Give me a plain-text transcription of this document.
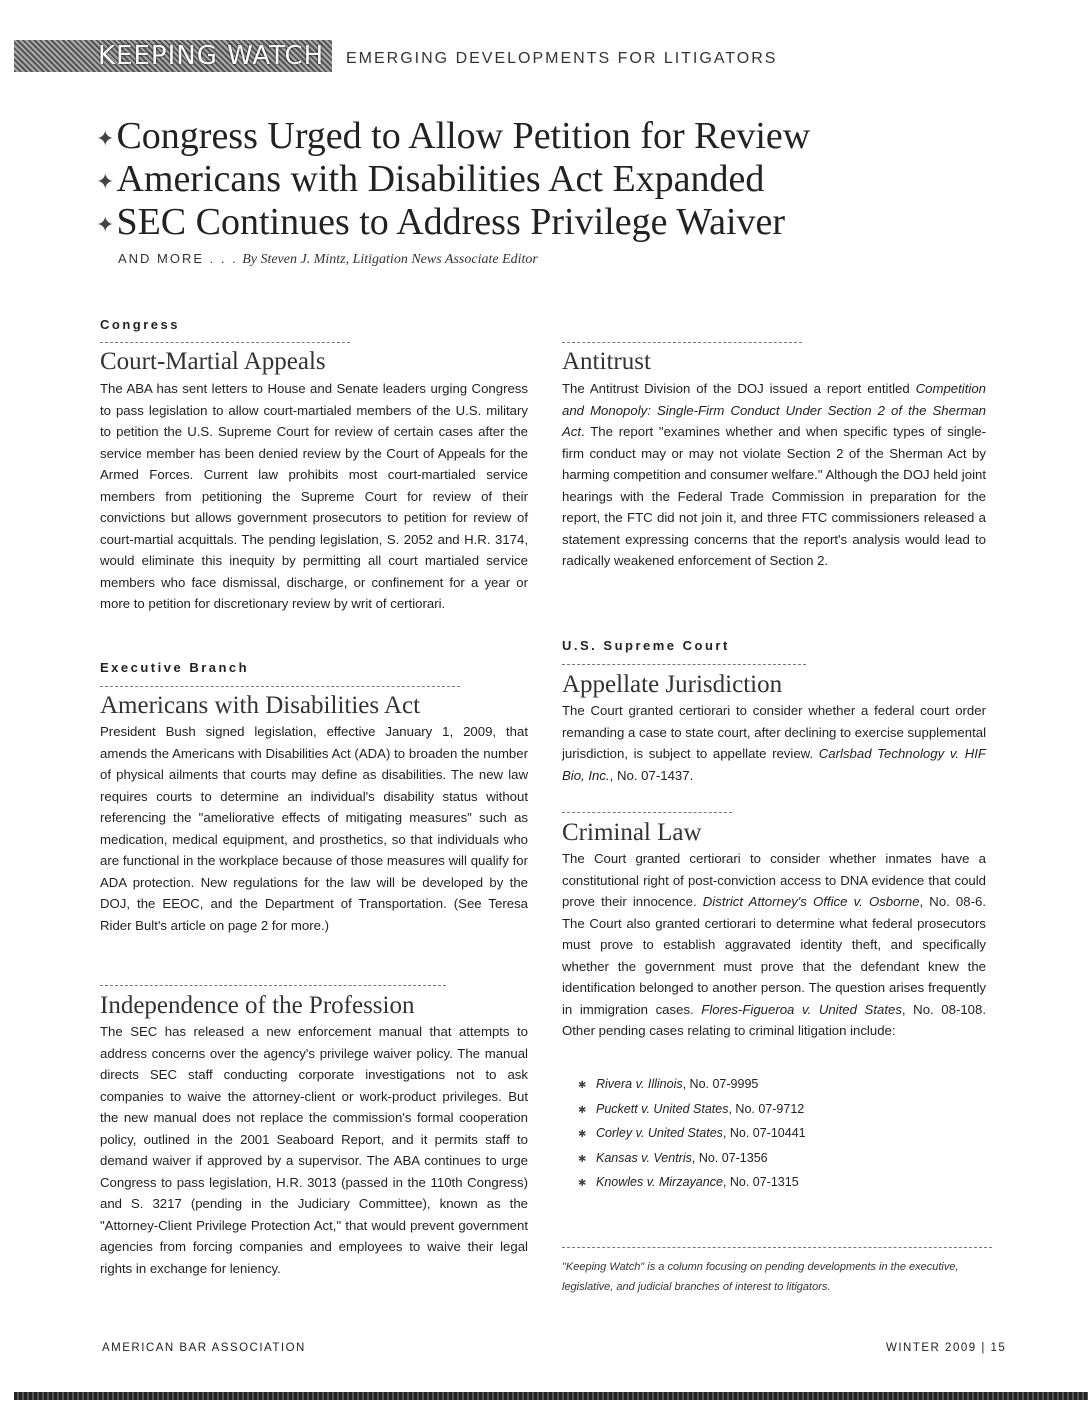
KEEPING WATCH	EMERGING DEVELOPMENTS FOR LITIGATORS
✦Congress Urged to Allow Petition for Review
✦Americans with Disabilities Act Expanded
✦SEC Continues to Address Privilege Waiver
AND MORE . . . By Steven J. Mintz, Litigation News Associate Editor
Congress
Court-Martial Appeals
The ABA has sent letters to House and Senate leaders urging Congress to pass legislation to allow court-martialed members of the U.S. military to petition the U.S. Supreme Court for review of certain cases after the service member has been denied review by the Court of Appeals for the Armed Forces. Current law prohibits most court-martialed service members from petitioning the Supreme Court for review of their convictions but allows government prosecutors to petition for review of court-martial acquittals. The pending legislation, S. 2052 and H.R. 3174, would eliminate this inequity by permitting all court martialed service members who face dismissal, discharge, or confinement for a year or more to petition for discretionary review by writ of certiorari.
Executive Branch
Americans with Disabilities Act
President Bush signed legislation, effective January 1, 2009, that amends the Americans with Disabilities Act (ADA) to broaden the number of physical ailments that courts may define as disabilities. The new law requires courts to determine an individual's disability status without referencing the "ameliorative effects of mitigating measures" such as medication, medical equipment, and prosthetics, so that individuals who are functional in the workplace because of those measures will qualify for ADA protection. New regulations for the law will be developed by the DOJ, the EEOC, and the Department of Transportation. (See Teresa Rider Bult's article on page 2 for more.)
Independence of the Profession
The SEC has released a new enforcement manual that attempts to address concerns over the agency's privilege waiver policy. The manual directs SEC staff conducting corporate investigations not to ask companies to waive the attorney-client or work-product privileges. But the new manual does not replace the commission's formal cooperation policy, outlined in the 2001 Seaboard Report, and it permits staff to demand waiver if approved by a supervisor. The ABA continues to urge Congress to pass legislation, H.R. 3013 (passed in the 110th Congress) and S. 3217 (pending in the Judiciary Committee), known as the "Attorney-Client Privilege Protection Act," that would prevent government agencies from forcing companies and employees to waive their legal rights in exchange for leniency.
Antitrust
The Antitrust Division of the DOJ issued a report entitled Competition and Monopoly: Single-Firm Conduct Under Section 2 of the Sherman Act. The report "examines whether and when specific types of single-firm conduct may or may not violate Section 2 of the Sherman Act by harming competition and consumer welfare." Although the DOJ held joint hearings with the Federal Trade Commission in preparation for the report, the FTC did not join it, and three FTC commissioners released a statement expressing concerns that the report's analysis would lead to radically weakened enforcement of Section 2.
U.S. Supreme Court
Appellate Jurisdiction
The Court granted certiorari to consider whether a federal court order remanding a case to state court, after declining to exercise supplemental jurisdiction, is subject to appellate review. Carlsbad Technology v. HIF Bio, Inc., No. 07-1437.
Criminal Law
The Court granted certiorari to consider whether inmates have a constitutional right of post-conviction access to DNA evidence that could prove their innocence. District Attorney's Office v. Osborne, No. 08-6. The Court also granted certiorari to determine what federal prosecutors must prove to establish aggravated identity theft, and specifically whether the government must prove that the defendant knew the identification belonged to another person. The question arises frequently in immigration cases. Flores-Figueroa v. United States, No. 08-108. Other pending cases relating to criminal litigation include:
✱ Rivera v. Illinois, No. 07-9995
✱ Puckett v. United States, No. 07-9712
✱ Corley v. United States, No. 07-10441
✱ Kansas v. Ventris, No. 07-1356
✱ Knowles v. Mirzayance, No. 07-1315
"Keeping Watch" is a column focusing on pending developments in the executive, legislative, and judicial branches of interest to litigators.
AMERICAN BAR ASSOCIATION	WINTER 2009 | 15
